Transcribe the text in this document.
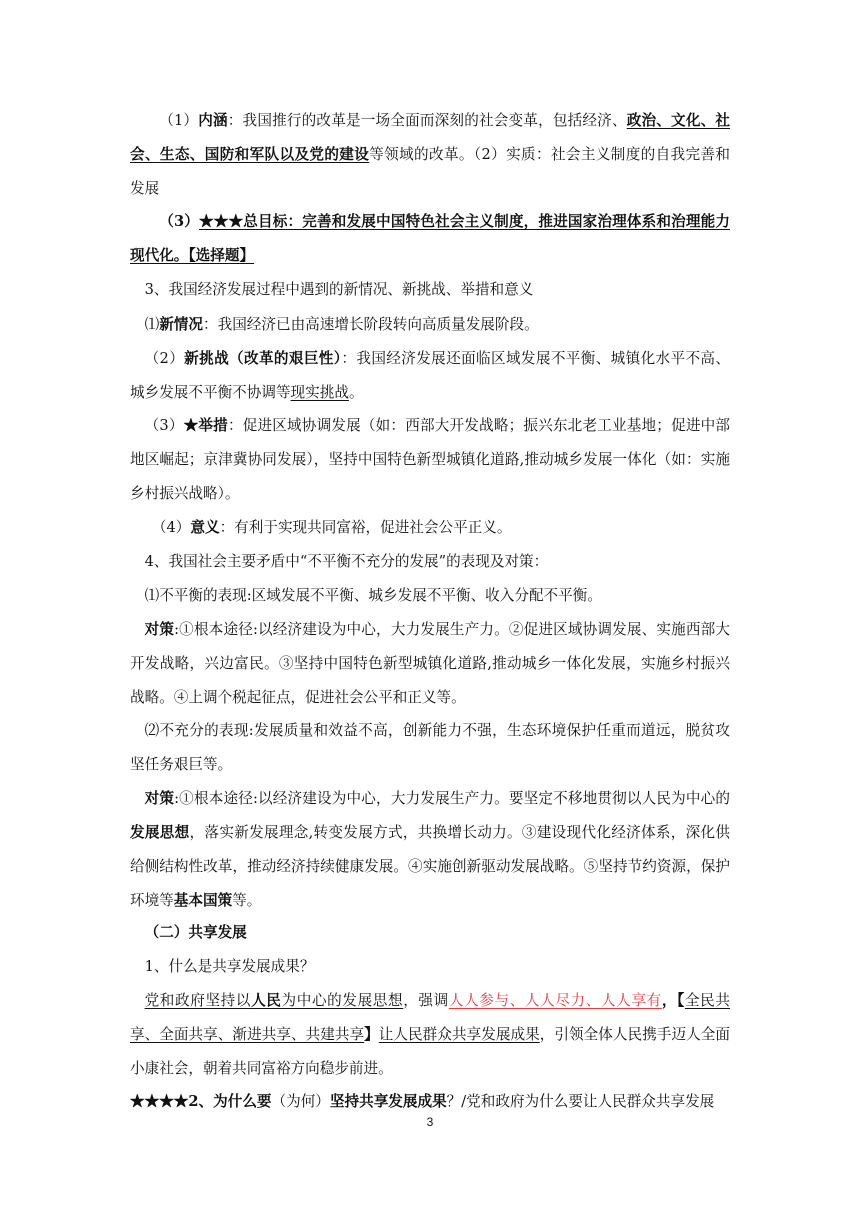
（1）内涵：我国推行的改革是一场全面而深刻的社会变革，包括经济、政治、文化、社会、生态、国防和军队以及党的建设等领域的改革。（2）实质：社会主义制度的自我完善和发展

（3）★★★总目标：完善和发展中国特色社会主义制度，推进国家治理体系和治理能力现代化。【选择题】

3、我国经济发展过程中遇到的新情况、新挑战、举措和意义

⑴新情况：我国经济已由高速增长阶段转向高质量发展阶段。

（2）新挑战（改革的艰巨性）：我国经济发展还面临区域发展不平衡、城镇化水平不高、城乡发展不平衡不协调等现实挑战。

（3）★举措：促进区域协调发展（如：西部大开发战略；振兴东北老工业基地；促进中部地区崛起；京津冀协同发展），坚持中国特色新型城镇化道路,推动城乡发展一体化（如：实施乡村振兴战略）。

（4）意义：有利于实现共同富裕，促进社会公平正义。

4、我国社会主要矛盾中“不平衡不充分的发展”的表现及对策：

⑴不平衡的表现:区域发展不平衡、城乡发展不平衡、收入分配不平衡。

对策:①根本途径:以经济建设为中心，大力发展生产力。②促进区域协调发展、实施西部大开发战略，兴边富民。③坚持中国特色新型城镇化道路,推动城乡一体化发展，实施乡村振兴战略。④上调个税起征点，促进社会公平和正义等。

⑵不充分的表现:发展质量和效益不高，创新能力不强，生态环境保护任重而道远，脱贫攻坚任务艰巨等。

对策:①根本途径:以经济建设为中心，大力发展生产力。要坚定不移地贯彻以人民为中心的发展思想，落实新发展理念,转变发展方式，共换增长动力。③建设现代化经济体系，深化供给侧结构性改革，推动经济持续健康发展。④实施创新驱动发展战略。⑤坚持节约资源，保护环境等基本国策等。

（二）共享发展

1、什么是共享发展成果？

党和政府坚持以人民为中心的发展思想，强调人人参与、人人尽力、人人享有，【全民共享、全面共享、渐进共享、共建共享】让人民群众共享发展成果，引领全体人民携手迈人全面小康社会，朝着共同富裕方向稳步前进。

★★★★2、为什么要（为何）坚持共享发展成果？/党和政府为什么要让人民群众共享发展

3
